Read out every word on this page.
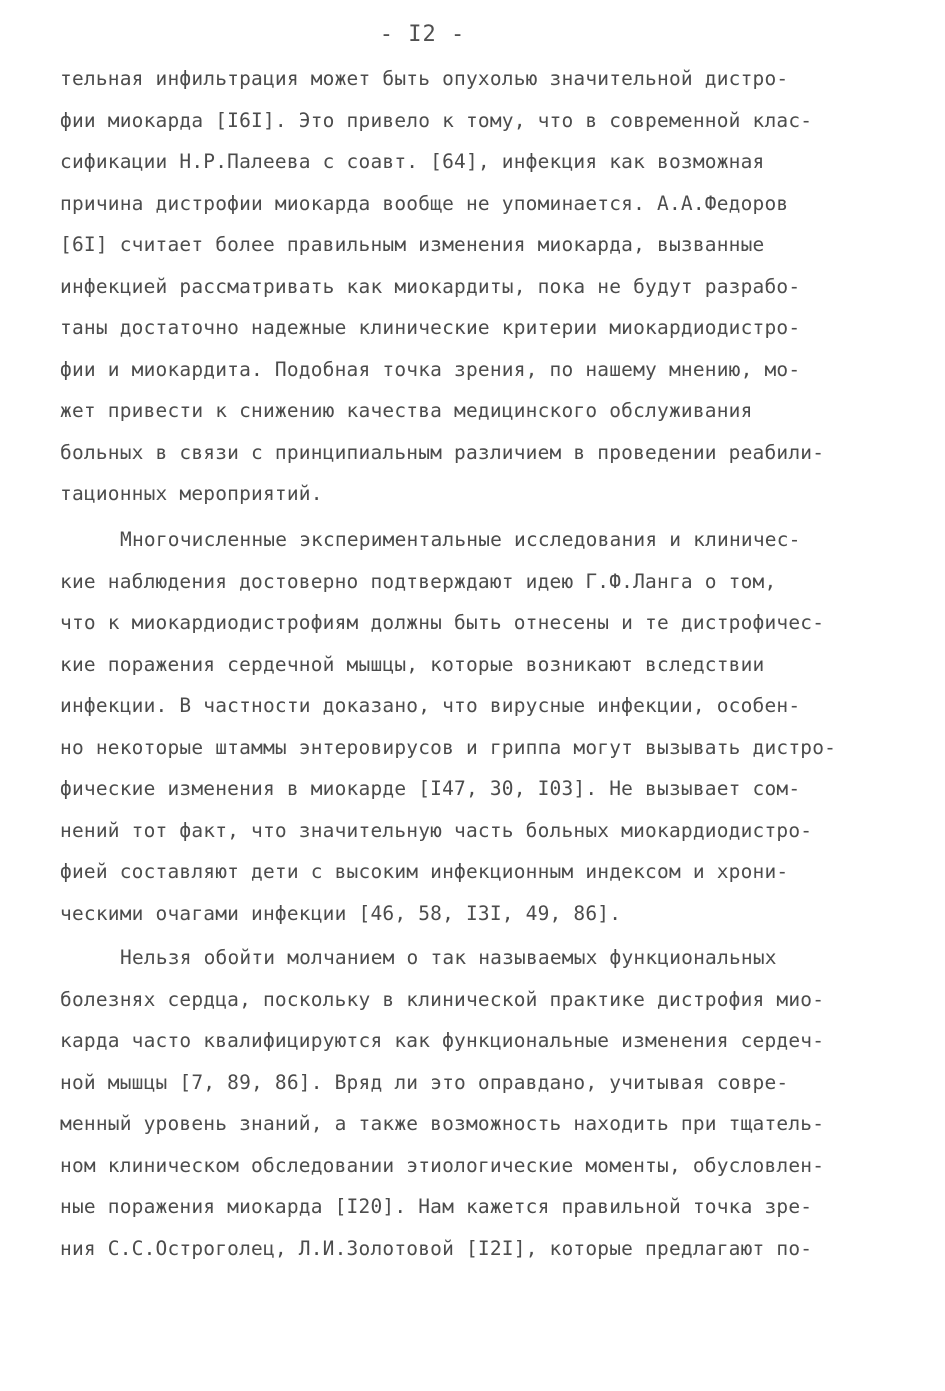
- I2 -
тельная инфильтрация может быть опухолью значительной дистро-
фии миокарда [I6I]. Это привело к тому, что в современной клас-
сификации Н.Р.Палеева с соавт. [64], инфекция как возможная
причина дистрофии миокарда вообще не упоминается. А.А.Федоров
[6I] считает более правильным изменения миокарда, вызванные
инфекцией рассматривать как миокардиты, пока не будут разрабо-
таны достаточно надежные клинические критерии миокардиодистро-
фии и миокардита. Подобная точка зрения, по нашему мнению, мо-
жет привести к снижению качества медицинского обслуживания
больных в связи с принципиальным различием в проведении реабили-
тационных мероприятий.
Многочисленные экспериментальные исследования и клиничес-
кие наблюдения достоверно подтверждают идею Г.Ф.Ланга о том,
что к миокардиодистрофиям должны быть отнесены и те дистрофичес-
кие поражения сердечной мышцы, которые возникают вследствии
инфекции. В частности доказано, что вирусные инфекции, особен-
но некоторые штаммы энтеровирусов и гриппа могут вызывать дистро-
фические изменения в миокарде [I47, 30, I03]. Не вызывает сом-
нений тот факт, что значительную часть больных миокардиодистро-
фией составляют дети с высоким инфекционным индексом и хрони-
ческими очагами инфекции [46, 58, I3I, 49, 86].
Нельзя обойти молчанием о так называемых функциональных
болезнях сердца, поскольку в клинической практике дистрофия мио-
карда часто квалифицируются как функциональные изменения сердеч-
ной мышцы [7, 89, 86]. Вряд ли это оправдано, учитывая совре-
менный уровень знаний, а также возможность находить при тщатель-
ном клиническом обследовании этиологические моменты, обусловлен-
ные поражения миокарда [I20]. Нам кажется правильной точка зре-
ния С.С.Остроголец, Л.И.Золотовой [I2I], которые предлагают по-
